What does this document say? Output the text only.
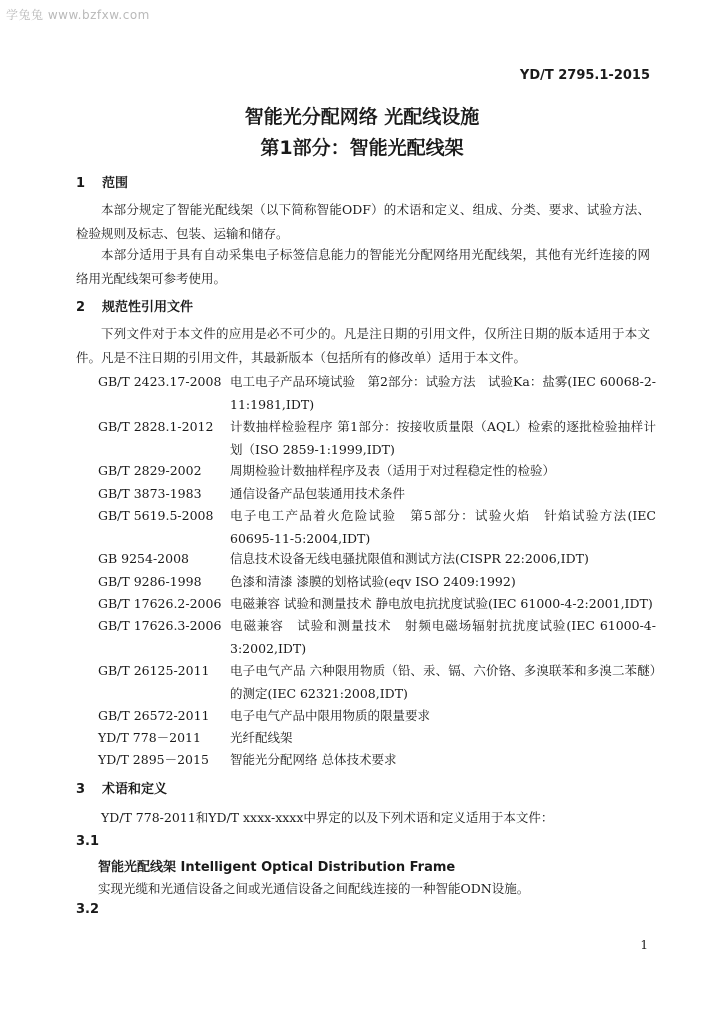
学兔兔 www.bzfxw.com
YD/T 2795.1-2015
智能光分配网络 光配线设施
第1部分：智能光配线架
1 范围
本部分规定了智能光配线架（以下简称智能ODF）的术语和定义、组成、分类、要求、试验方法、检验规则及标志、包装、运输和储存。
本部分适用于具有自动采集电子标签信息能力的智能光分配网络用光配线架，其他有光纤连接的网络用光配线架可参考使用。
2 规范性引用文件
下列文件对于本文件的应用是必不可少的。凡是注日期的引用文件，仅所注日期的版本适用于本文件。凡是不注日期的引用文件，其最新版本（包括所有的修改单）适用于本文件。
GB/T 2423.17-2008 电工电子产品环境试验　第2部分：试验方法　试验Ka：盐雾(IEC 60068-2-11:1981,IDT)
GB/T 2828.1-2012	计数抽样检验程序 第1部分：按接收质量限（AQL）检索的逐批检验抽样计划（ISO 2859-1:1999,IDT)
GB/T 2829-2002	周期检验计数抽样程序及表（适用于对过程稳定性的检验）
GB/T 3873-1983	通信设备产品包装通用技术条件
GB/T 5619.5-2008	电子电工产品着火危险试验　第5部分：试验火焰　针焰试验方法(IEC 60695-11-5:2004,IDT)
GB 9254-2008	信息技术设备无线电骚扰限值和测试方法(CISPR 22:2006,IDT)
GB/T 9286-1998	色漆和清漆 漆膜的划格试验(eqv ISO 2409:1992)
GB/T 17626.2-2006 电磁兼容 试验和测量技术 静电放电抗扰度试验(IEC 61000-4-2:2001,IDT)
GB/T 17626.3-2006 电磁兼容　试验和测量技术　射频电磁场辐射抗扰度试验(IEC 61000-4-3:2002,IDT)
GB/T 26125-2011	电子电气产品 六种限用物质（铅、汞、镉、六价铬、多溴联苯和多溴二苯醚）的测定(IEC 62321:2008,IDT)
GB/T 26572-2011	电子电气产品中限用物质的限量要求
YD/T 778－2011	光纤配线架
YD/T 2895－2015	智能光分配网络 总体技术要求
3 术语和定义
YD/T 778-2011和YD/T xxxx-xxxx中界定的以及下列术语和定义适用于本文件：
3.1
智能光配线架 Intelligent Optical Distribution Frame
实现光缆和光通信设备之间或光通信设备之间配线连接的一种智能ODN设施。
3.2
1
